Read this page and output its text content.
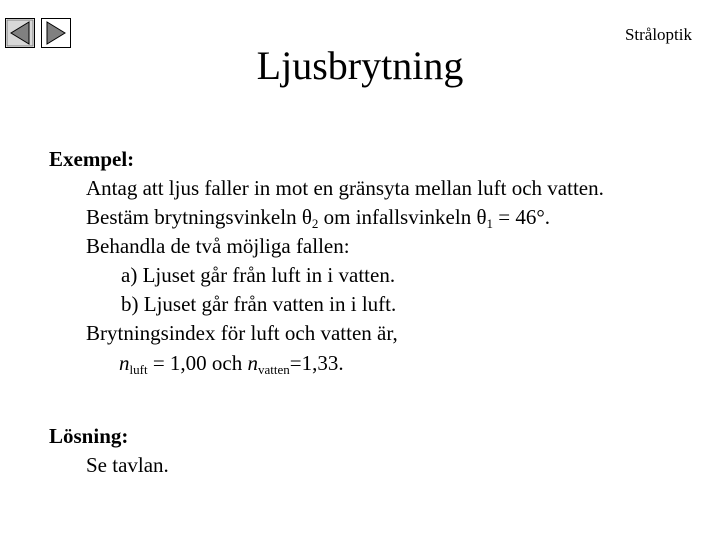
Ljusbrytning
Stråloptik
Exempel:
Antag att ljus faller in mot en gränsyta mellan luft och vatten.
Bestäm brytningsvinkeln $\theta_2$ om infallsvinkeln $\theta_1 = 46^\circ$.
Behandla de två möjliga fallen:
a) Ljuset går från luft in i vatten.
b) Ljuset går från vatten in i luft.
Brytningsindex för luft och vatten är,
$n_{luft} = 1,00$ och $n_{vatten}=1,33$.
Lösning:
Se tavlan.
